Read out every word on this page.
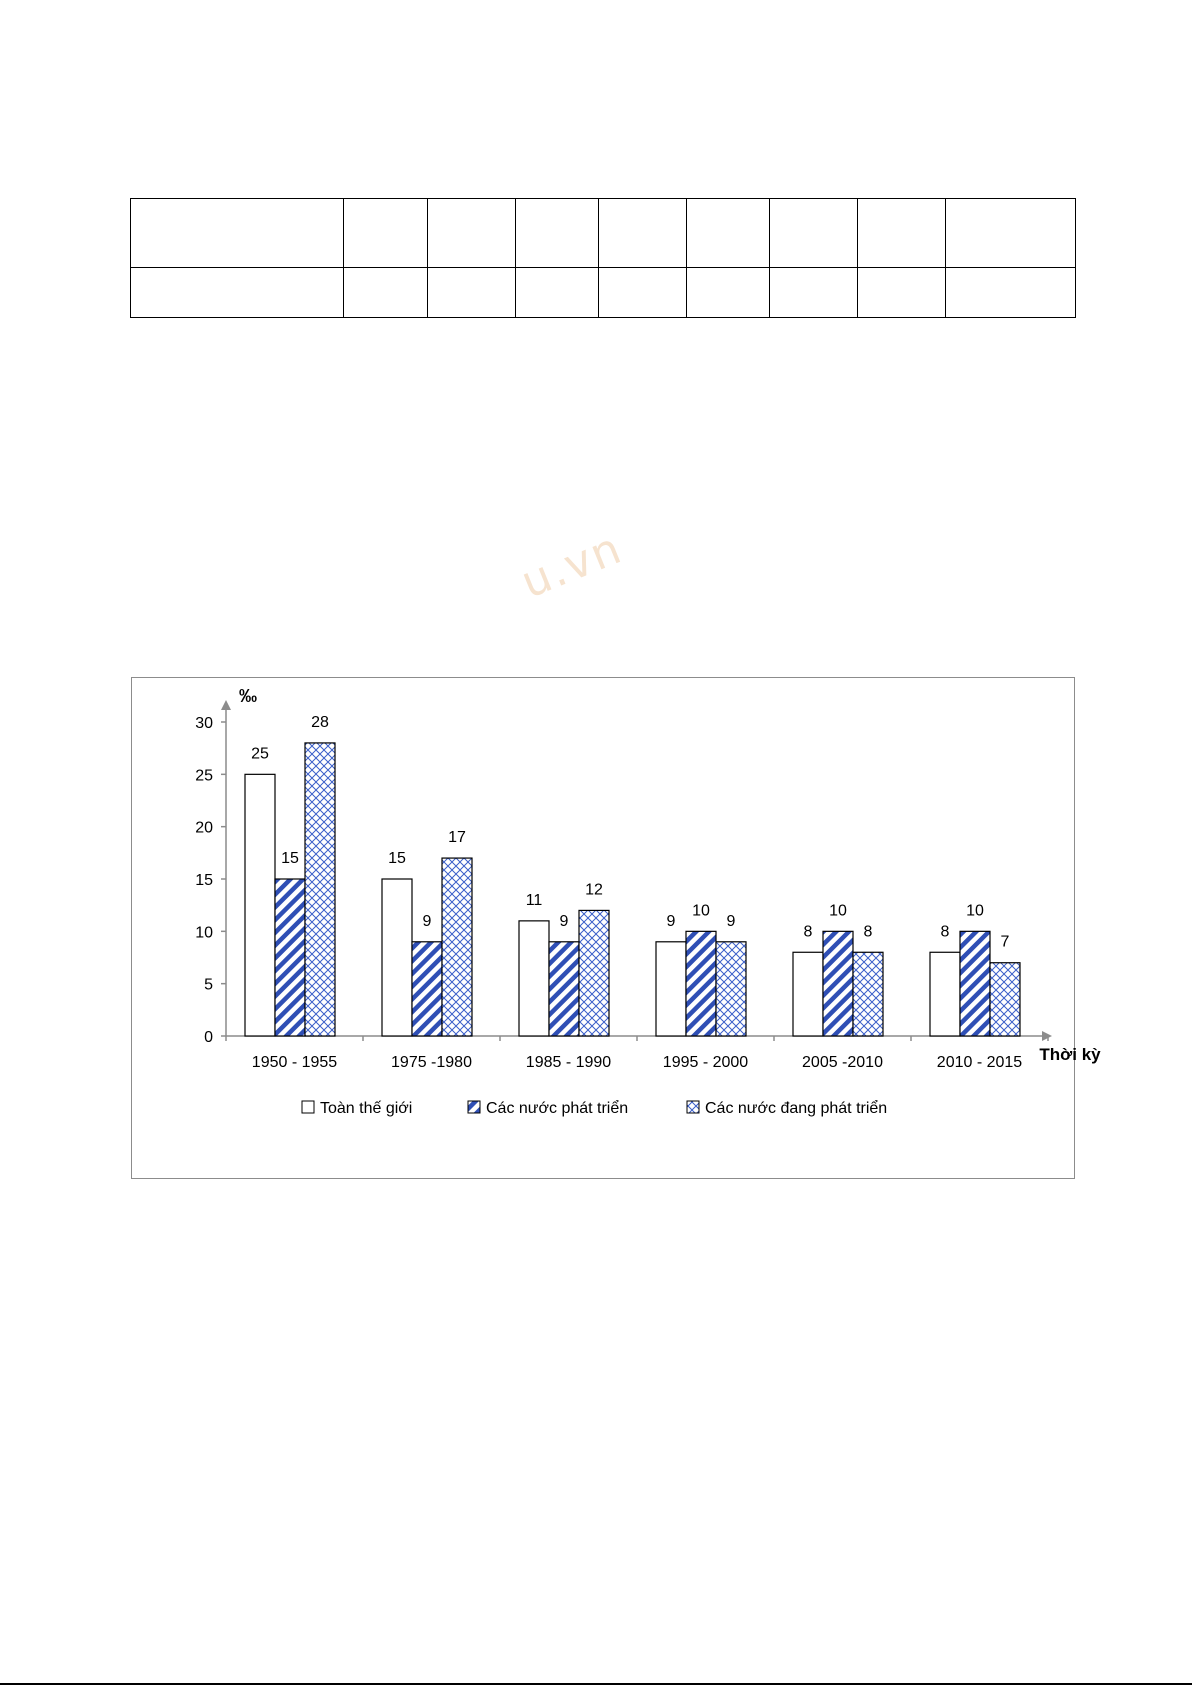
u.vn
0
5
10
15
20
25
30
‰
Thời kỳ
25
15
28
1950 - 1955
15
9
17
1975 -1980
11
9
12
1985 - 1990
9
10
9
1995 - 2000
8
10
8
2005 -2010
8
10
7
2010 - 2015
Toàn thế giới	Các nước phát triển	Các nước đang phát triển
